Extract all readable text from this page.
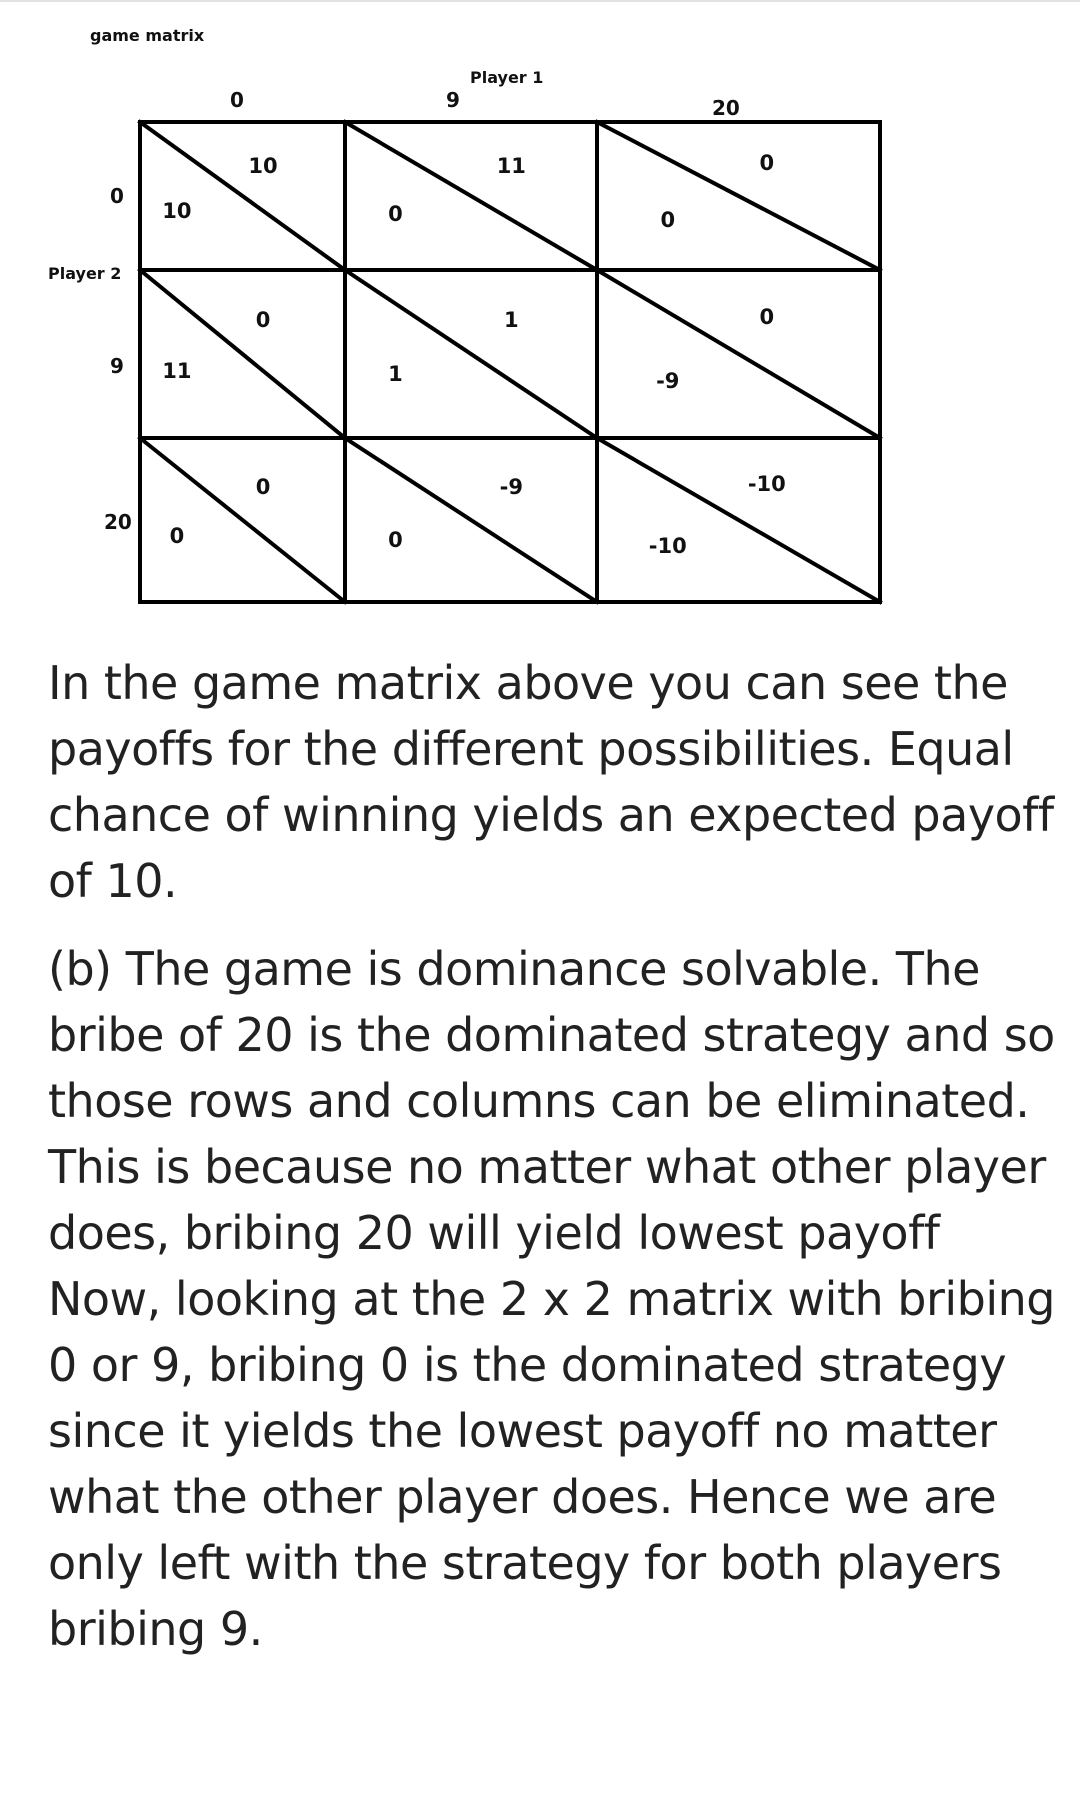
game matrix
Player 1
Player 2
0	9	20
0
9
20
10
10
11
0
0
0
0
11
1
1
0
-9
0
0
-9
0
-10
-10

In the game matrix above you can see the payoffs for the different possibilities. Equal chance of winning yields an expected payoff of 10.

(b) The game is dominance solvable. The bribe of 20 is the dominated strategy and so those rows and columns can be eliminated. This is because no matter what other player does, bribing 20 will yield lowest payoff Now, looking at the 2 x 2 matrix with bribing 0 or 9, bribing 0 is the dominated strategy since it yields the lowest payoff no matter what the other player does. Hence we are only left with the strategy for both players bribing 9.
